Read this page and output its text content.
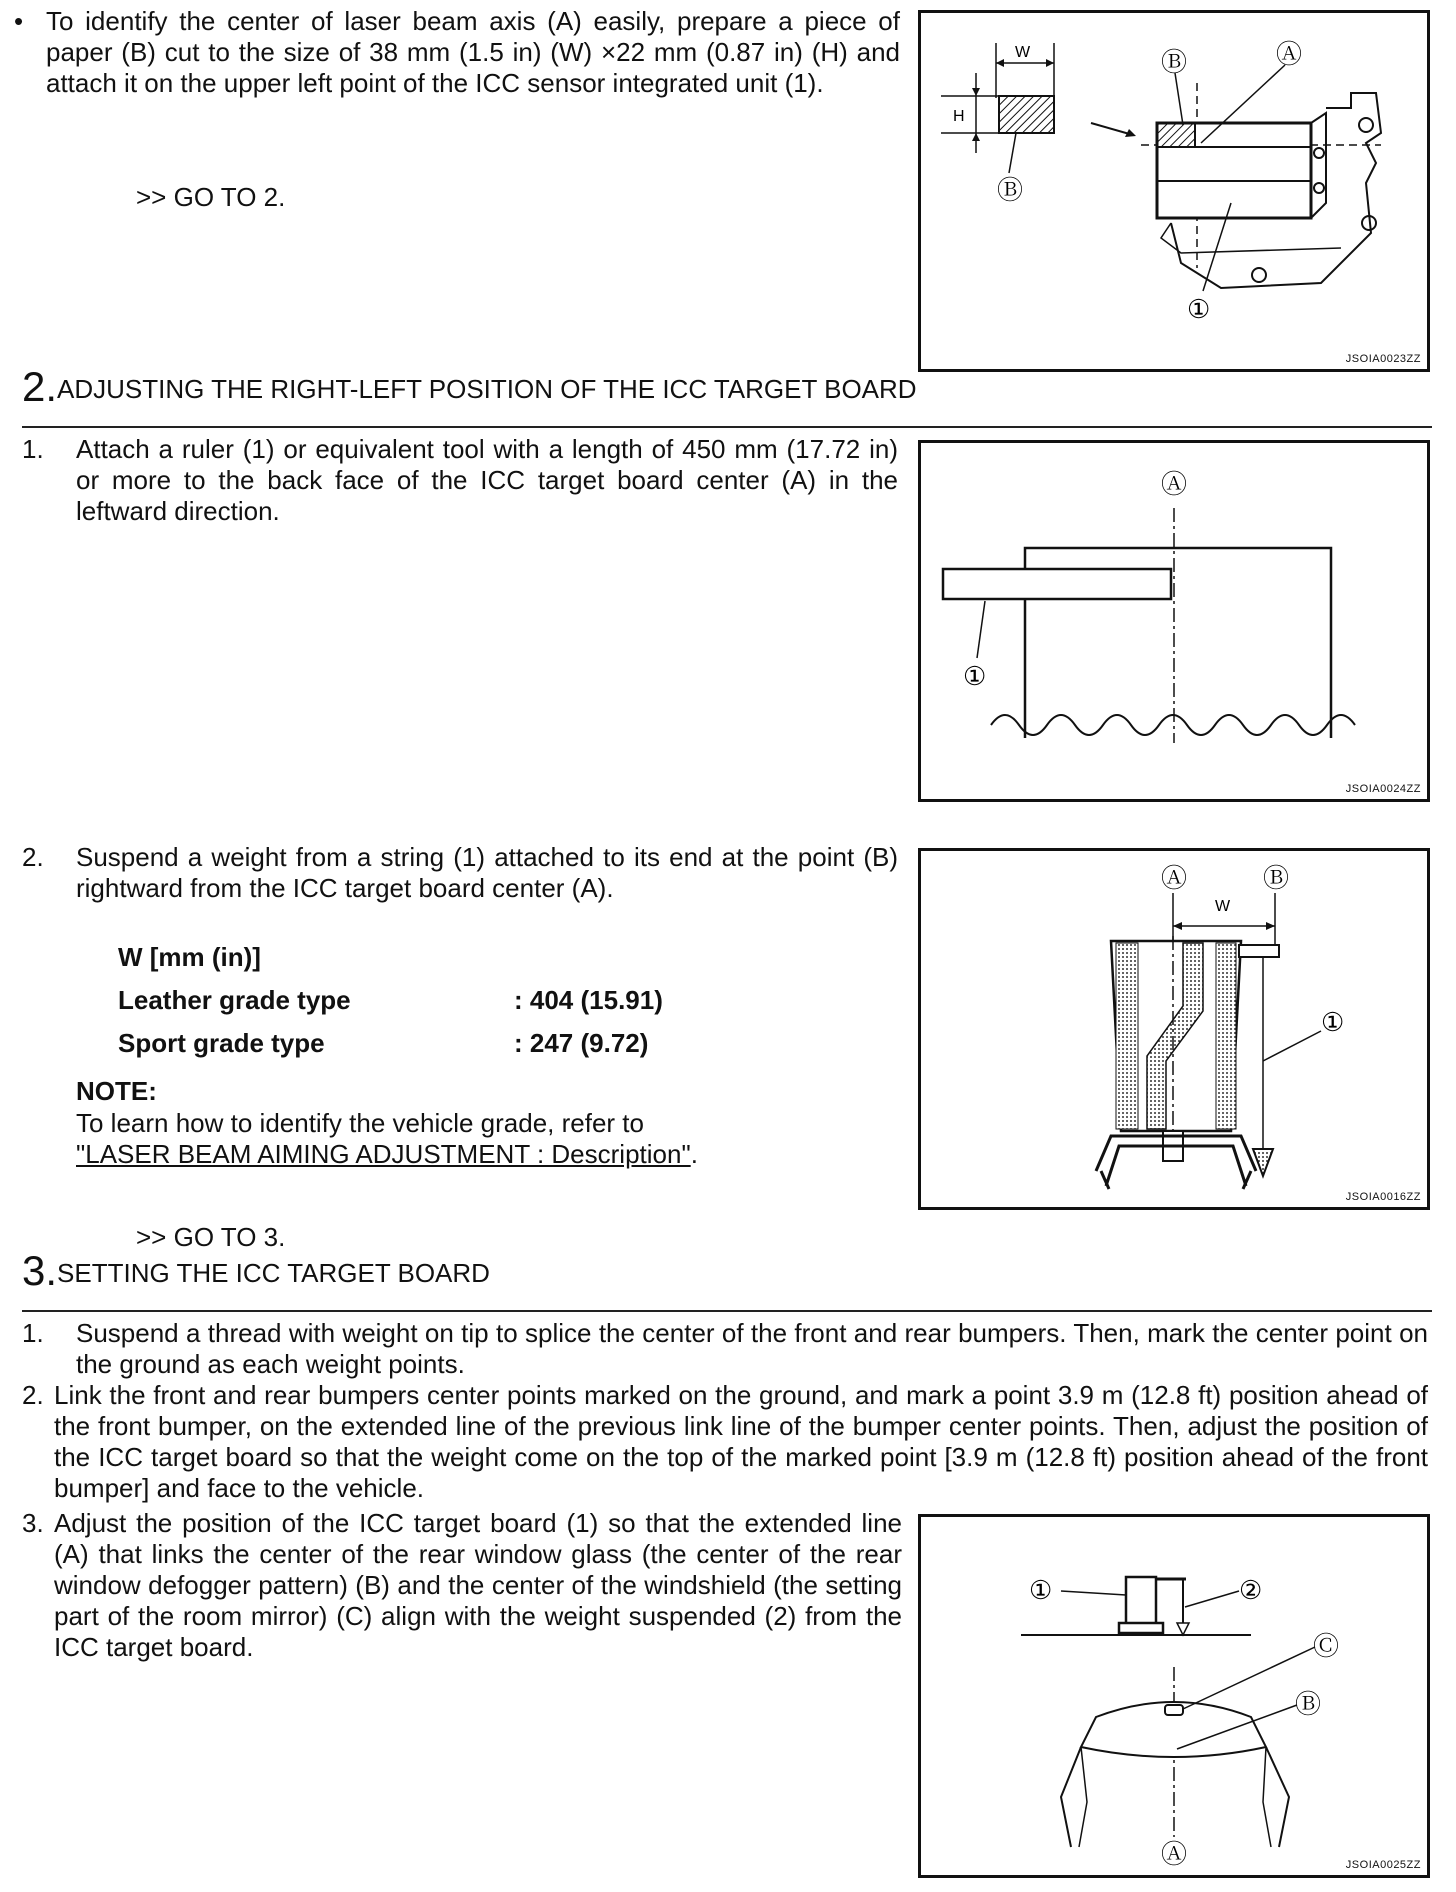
• To identify the center of laser beam axis (A) easily, prepare a piece of paper (B) cut to the size of 38 mm (1.5 in) (W) ×22 mm (0.87 in) (H) and attach it on the upper left point of the ICC sensor integrated unit (1).

>> GO TO 2.
W
H
Ⓑ
Ⓑ	Ⓐ
①
JSOIA0023ZZ
2.ADJUSTING THE RIGHT-LEFT POSITION OF THE ICC TARGET BOARD
1. Attach a ruler (1) or equivalent tool with a length of 450 mm (17.72 in) or more to the back face of the ICC target board center (A) in the leftward direction.

Ⓐ
①
JSOIA0024ZZ
2. Suspend a weight from a string (1) attached to its end at the point (B) rightward from the ICC target board center (A).

W [mm (in)]
Leather grade type	: 404 (15.91)
Sport grade type	: 247 (9.72)
NOTE:

To learn how to identify the vehicle grade, refer to

"LASER BEAM AIMING ADJUSTMENT : Description".

Ⓐ	Ⓑ
W
①
JSOIA0016ZZ
>> GO TO 3.
3.SETTING THE ICC TARGET BOARD
1. Suspend a thread with weight on tip to splice the center of the front and rear bumpers. Then, mark the center point on the ground as each weight points.

2. Link the front and rear bumpers center points marked on the ground, and mark a point 3.9 m (12.8 ft) position ahead of the front bumper, on the extended line of the previous link line of the bumper center points. Then, adjust the position of the ICC target board so that the weight come on the top of the marked point [3.9 m (12.8 ft) position ahead of the front bumper] and face to the vehicle.

3. Adjust the position of the ICC target board (1) so that the extended line (A) that links the center of the rear window glass (the center of the rear window defogger pattern) (B) and the center of the windshield (the setting part of the room mirror) (C) align with the weight suspended (2) from the ICC target board.

①	②
Ⓒ
Ⓑ
Ⓐ	JSOIA0025ZZ
